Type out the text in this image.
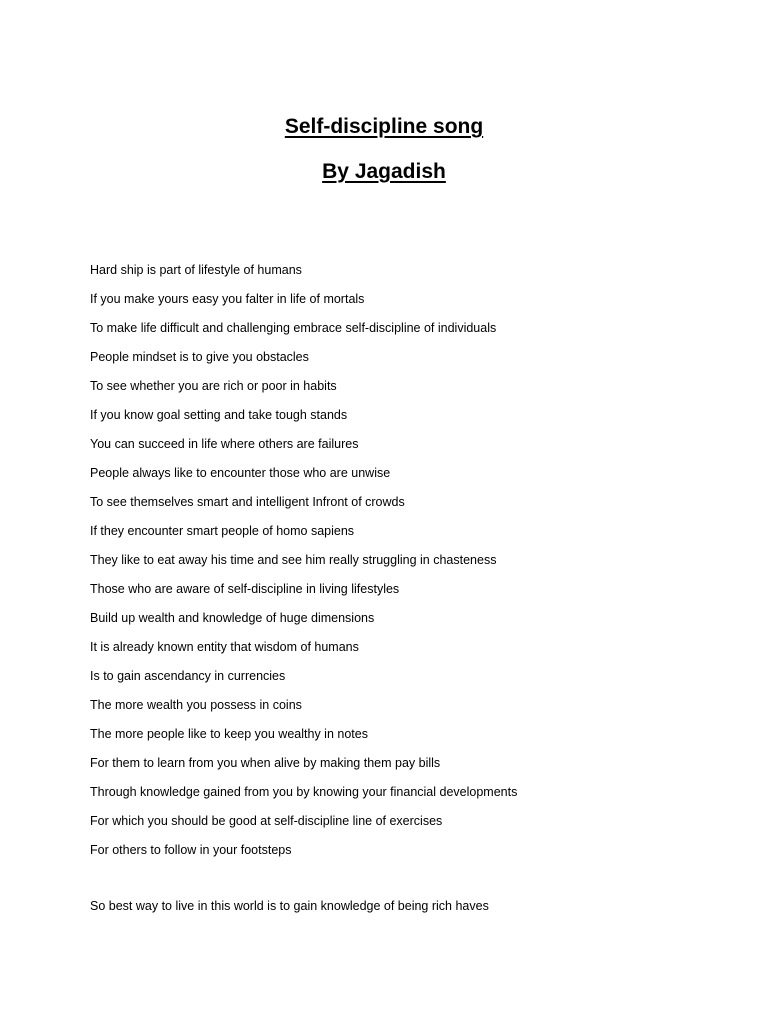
Self-discipline song
By Jagadish
Hard ship is part of lifestyle of humans
If you make yours easy you falter in life of mortals
To make life difficult and challenging embrace self-discipline of individuals
People mindset is to give you obstacles
To see whether you are rich or poor in habits
If you know goal setting and take tough stands
You can succeed in life where others are failures
People always like to encounter those who are unwise
To see themselves smart and intelligent Infront of crowds
If they encounter smart people of homo sapiens
They like to eat away his time and see him really struggling in chasteness
Those who are aware of self-discipline in living lifestyles
Build up wealth and knowledge of huge dimensions
It is already known entity that wisdom of humans
Is to gain ascendancy in currencies
The more wealth you possess in coins
The more people like to keep you wealthy in notes
For them to learn from you when alive by making them pay bills
Through knowledge gained from you by knowing your financial developments
For which you should be good at self-discipline line of exercises
For others to follow in your footsteps

So best way to live in this world is to gain knowledge of being rich haves
